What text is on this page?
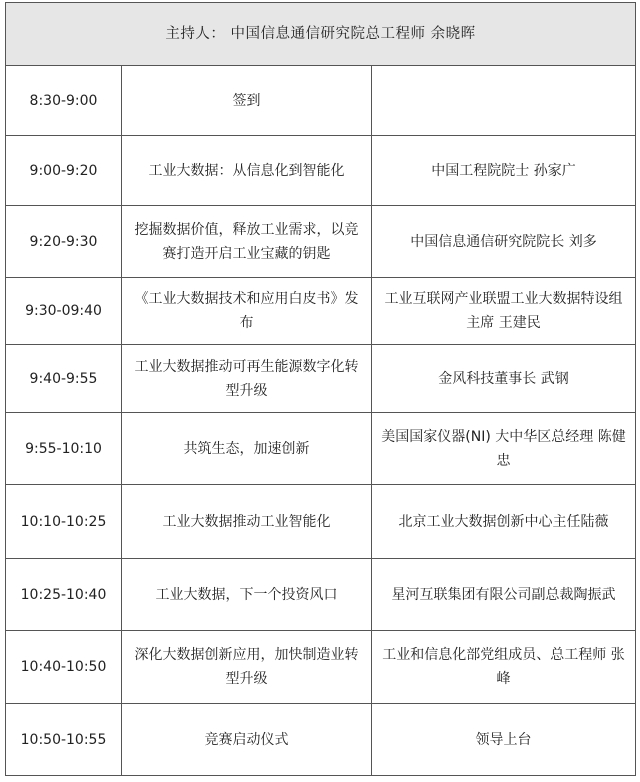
主持人： 中国信息通信研究院总工程师 余晓晖		
8:30-9:00	签到	
9:00-9:20	工业大数据：从信息化到智能化	中国工程院院士 孙家广
9:20-9:30	挖掘数据价值，释放工业需求，以竞赛打造开启工业宝藏的钥匙	中国信息通信研究院院长 刘多
9:30-09:40	《工业大数据技术和应用白皮书》发布	工业互联网产业联盟工业大数据特设组主席 王建民
9:40-9:55	工业大数据推动可再生能源数字化转型升级	金风科技董事长 武钢
9:55-10:10	共筑生态，加速创新	美国国家仪器(NI) 大中华区总经理 陈健忠
10:10-10:25	工业大数据推动工业智能化	北京工业大数据创新中心主任陆薇
10:25-10:40	工业大数据，下一个投资风口	星河互联集团有限公司副总裁陶振武
10:40-10:50	深化大数据创新应用，加快制造业转型升级	工业和信息化部党组成员、总工程师 张峰
10:50-10:55	竞赛启动仪式	领导上台
